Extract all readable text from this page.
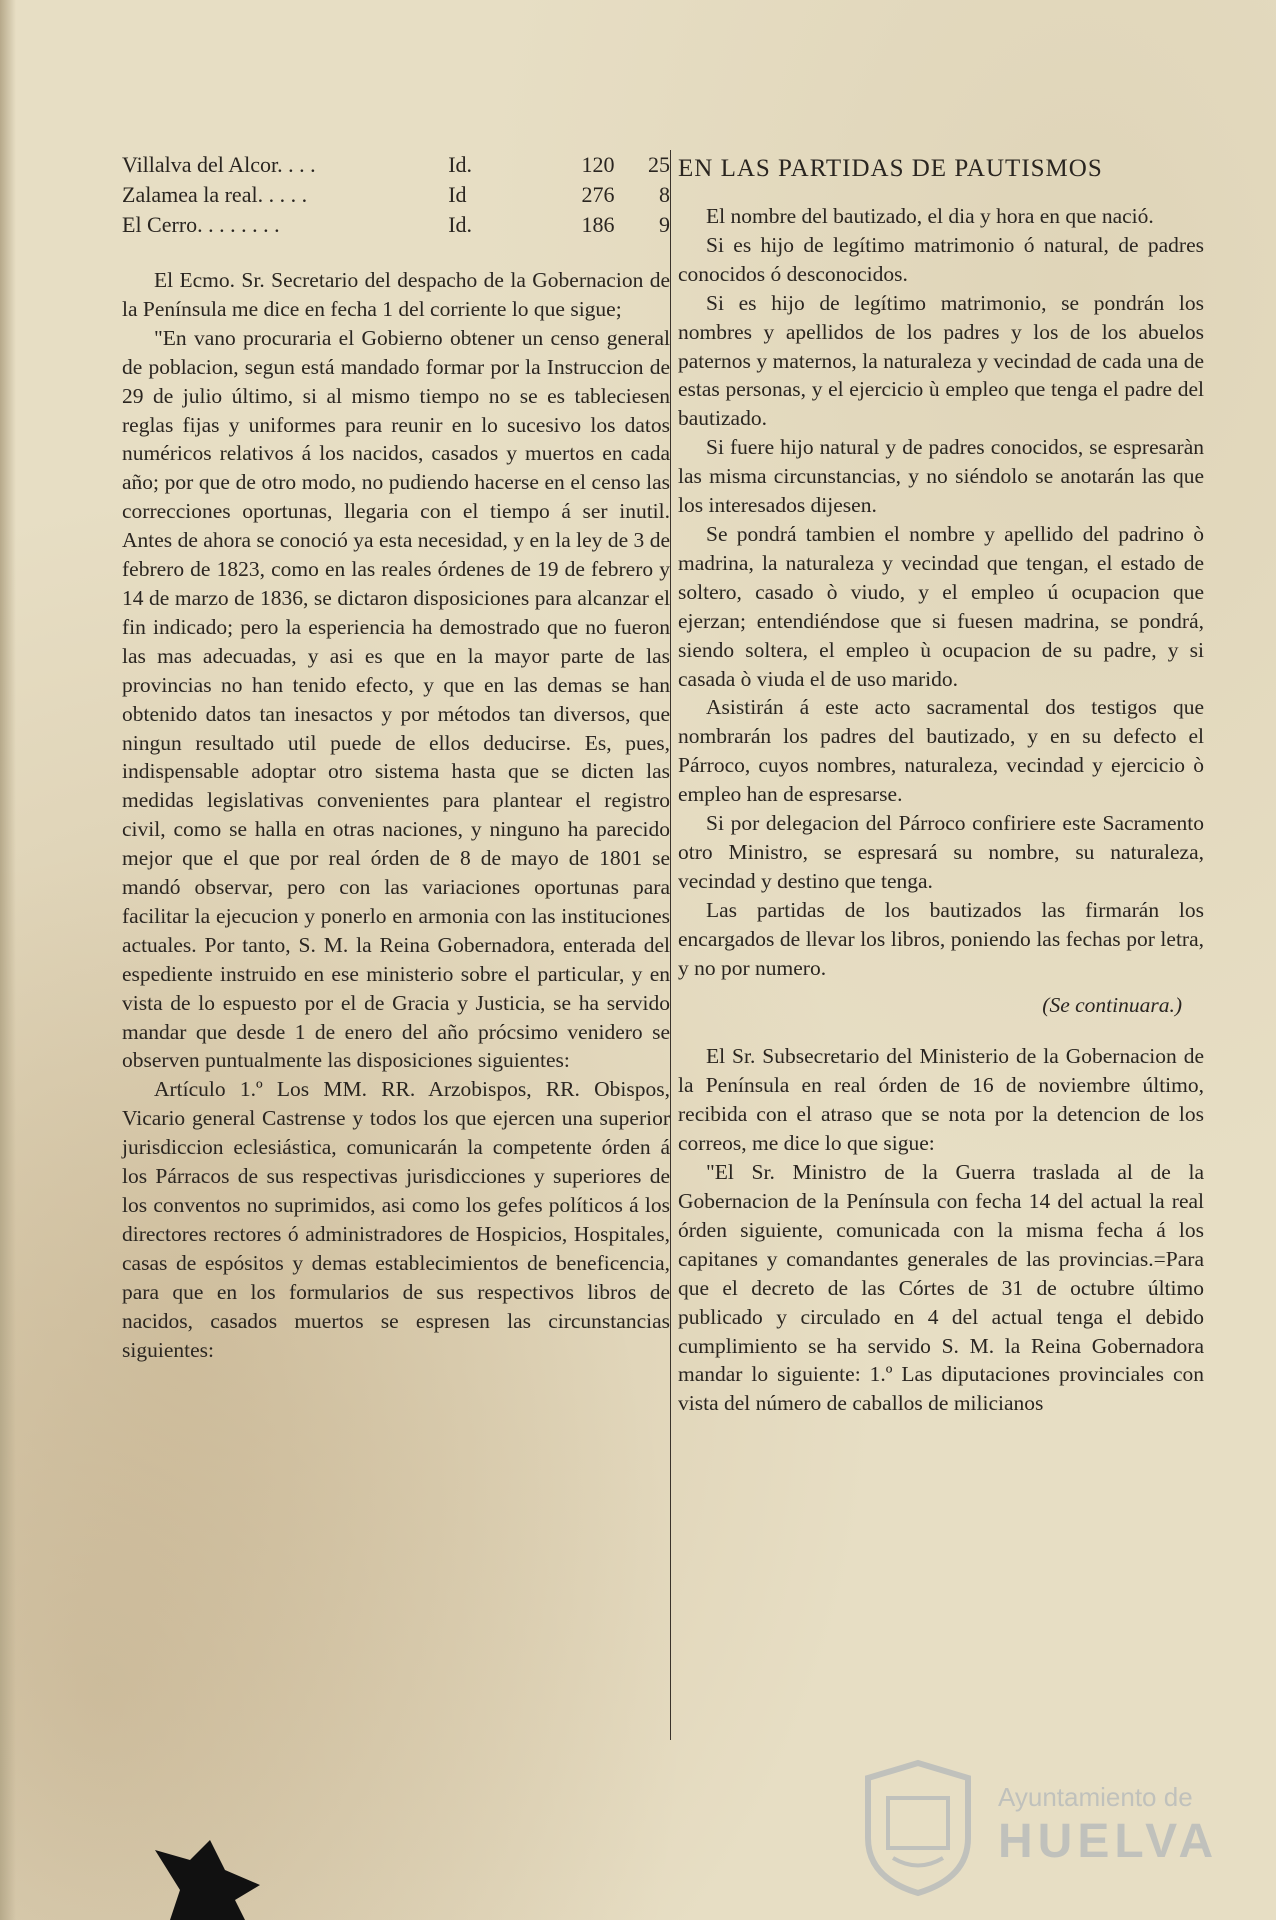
Villalva del Alcor. . . .	Id.	120	25
Zalamea la real. . . . .	Id	276	8
El Cerro. . . . . . . .	Id.	186	9

El Ecmo. Sr. Secretario del despacho de la Gobernacion de la Península me dice en fecha 1 del corriente lo que sigue;

"En vano procuraria el Gobierno obtener un censo general de poblacion, segun está mandado formar por la Instruccion de 29 de julio último, si al mismo tiempo no se es tableciesen reglas fijas y uniformes para reunir en lo sucesivo los datos numéricos relativos á los nacidos, casados y muertos en cada año; por que de otro modo, no pudiendo hacerse en el censo las correcciones oportunas, llegaria con el tiempo á ser inutil. Antes de ahora se conoció ya esta necesidad, y en la ley de 3 de febrero de 1823, como en las reales órdenes de 19 de febrero y 14 de marzo de 1836, se dictaron disposiciones para alcanzar el fin indicado; pero la esperiencia ha demostrado que no fueron las mas adecuadas, y asi es que en la mayor parte de las provincias no han tenido efecto, y que en las demas se han obtenido datos tan inesactos y por métodos tan diversos, que ningun resultado util puede de ellos deducirse. Es, pues, indispensable adoptar otro sistema hasta que se dicten las medidas legislativas convenientes para plantear el registro civil, como se halla en otras naciones, y ninguno ha parecido mejor que el que por real órden de 8 de mayo de 1801 se mandó observar, pero con las variaciones oportunas para facilitar la ejecucion y ponerlo en armonia con las instituciones actuales. Por tanto, S. M. la Reina Gobernadora, enterada del espediente instruido en ese ministerio sobre el particular, y en vista de lo espuesto por el de Gracia y Justicia, se ha servido mandar que desde 1 de enero del año prócsimo venidero se observen puntualmente las disposiciones siguientes:

Artículo 1.º Los MM. RR. Arzobispos, RR. Obispos, Vicario general Castrense y todos los que ejercen una superior jurisdiccion eclesiástica, comunicarán la competente órden á los Párracos de sus respectivas jurisdicciones y superiores de los conventos no suprimidos, asi como los gefes políticos á los directores rectores ó administradores de Hospicios, Hospitales, casas de espósitos y demas establecimientos de beneficencia, para que en los formularios de sus respectivos libros de nacidos, casados muertos se espresen las circunstancias siguientes:

EN LAS PARTIDAS DE PAUTISMOS

El nombre del bautizado, el dia y hora en que nació.

Si es hijo de legítimo matrimonio ó natural, de padres conocidos ó desconocidos.

Si es hijo de legítimo matrimonio, se pondrán los nombres y apellidos de los padres y los de los abuelos paternos y maternos, la naturaleza y vecindad de cada una de estas personas, y el ejercicio ù empleo que tenga el padre del bautizado.

Si fuere hijo natural y de padres conocidos, se espresaràn las misma circunstancias, y no siéndolo se anotarán las que los interesados dijesen.

Se pondrá tambien el nombre y apellido del padrino ò madrina, la naturaleza y vecindad que tengan, el estado de soltero, casado ò viudo, y el empleo ú ocupacion que ejerzan; entendiéndose que si fuesen madrina, se pondrá, siendo soltera, el empleo ù ocupacion de su padre, y si casada ò viuda el de uso marido.

Asistirán á este acto sacramental dos testigos que nombrarán los padres del bautizado, y en su defecto el Párroco, cuyos nombres, naturaleza, vecindad y ejercicio ò empleo han de espresarse.

Si por delegacion del Párroco confiriere este Sacramento otro Ministro, se espresará su nombre, su naturaleza, vecindad y destino que tenga.

Las partidas de los bautizados las firmarán los encargados de llevar los libros, poniendo las fechas por letra, y no por numero.

(Se continuara.)

El Sr. Subsecretario del Ministerio de la Gobernacion de la Península en real órden de 16 de noviembre último, recibida con el atraso que se nota por la detencion de los correos, me dice lo que sigue:

"El Sr. Ministro de la Guerra traslada al de la Gobernacion de la Península con fecha 14 del actual la real órden siguiente, comunicada con la misma fecha á los capitanes y comandantes generales de las provincias.=Para que el decreto de las Córtes de 31 de octubre último publicado y circulado en 4 del actual tenga el debido cumplimiento se ha servido S. M. la Reina Gobernadora mandar lo siguiente: 1.º Las diputaciones provinciales con vista del número de caballos de milicianos

Ayuntamiento de
HUELVA
